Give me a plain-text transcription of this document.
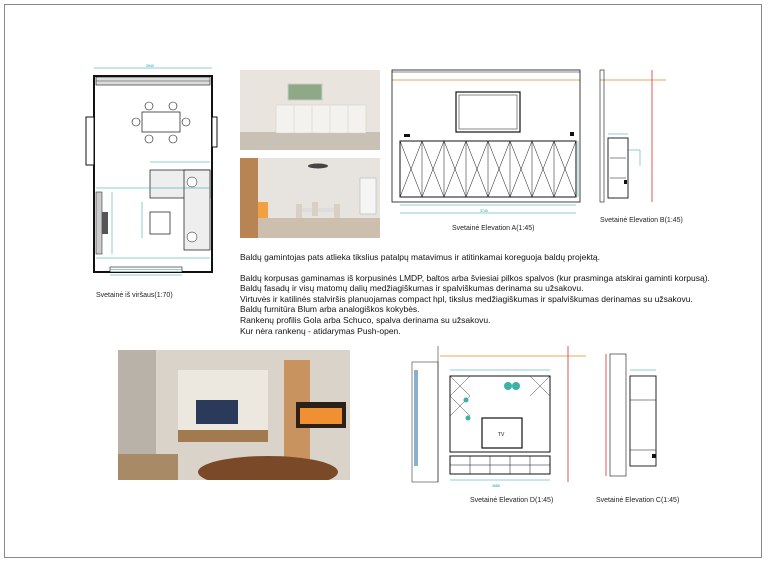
3940
Svetainė iš viršaus(1:70)
3740
Svetainė Elevation A(1:45)
Svetainė Elevation B(1:45)

Baldų gamintojas pats atlieka tikslius patalpų matavimus ir atitinkamai koreguoja baldų projektą.

Baldų korpusas gaminamas iš korpusinės LMDP, baltos arba šviesiai pilkos spalvos (kur prasminga atskirai gaminti korpusą).

Baldų fasadų ir visų matomų dalių medžiagiškumas ir spalviškumas derinama su užsakovu.

Virtuvės ir katilinės stalviršis planuojamas compact hpl, tikslus medžiagiškumas ir spalviškumas derinamas su užsakovu.

Baldų furnitūra Blum arba analogiškos kokybės.

Rankenų profilis Gola arba Schuco, spalva derinama su užsakovu.

Kur nėra rankenų - atidarymas Push-open.

TV
3685
Svetainė Elevation D(1:45)	Svetainė Elevation C(1:45)
